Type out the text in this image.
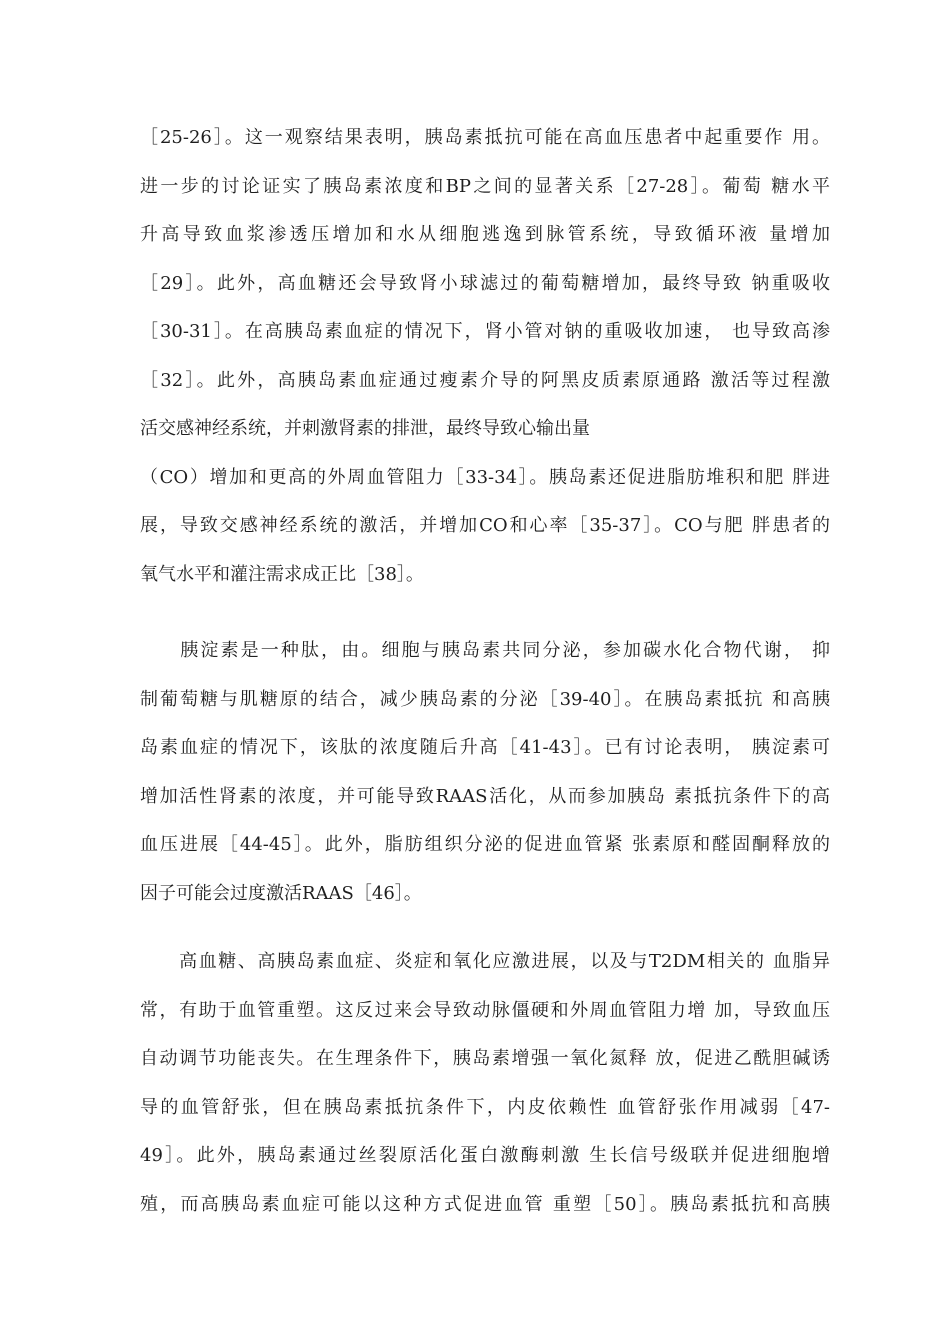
［25-26］。这一观察结果表明，胰岛素抵抗可能在高血压患者中起重要作 用。
进一步的讨论证实了胰岛素浓度和BP之间的显著关系［27-28］。葡萄 糖水平
升高导致血浆渗透压增加和水从细胞逃逸到脉管系统，导致循环液 量增加
［29］。此外，高血糖还会导致肾小球滤过的葡萄糖增加，最终导致 钠重吸收
［30-31］。在高胰岛素血症的情况下，肾小管对钠的重吸收加速， 也导致高渗
［32］。此外，高胰岛素血症通过瘦素介导的阿黑皮质素原通路 激活等过程激
活交感神经系统，并刺激肾素的排泄，最终导致心输出量
（CO）增加和更高的外周血管阻力［33-34］。胰岛素还促进脂肪堆积和肥 胖进
展，导致交感神经系统的激活，并增加CO和心率［35-37］。CO与肥 胖患者的
氧气水平和灌注需求成正比［38］。
　　胰淀素是一种肽，由。细胞与胰岛素共同分泌，参加碳水化合物代谢， 抑
制葡萄糖与肌糖原的结合，减少胰岛素的分泌［39-40］。在胰岛素抵抗 和高胰
岛素血症的情况下，该肽的浓度随后升高［41-43］。已有讨论表明， 胰淀素可
增加活性肾素的浓度，并可能导致RAAS活化，从而参加胰岛 素抵抗条件下的高
血压进展［44-45］。此外，脂肪组织分泌的促进血管紧 张素原和醛固酮释放的
因子可能会过度激活RAAS［46］。
　　高血糖、高胰岛素血症、炎症和氧化应激进展，以及与T2DM相关的 血脂异
常，有助于血管重塑。这反过来会导致动脉僵硬和外周血管阻力增 加，导致血压
自动调节功能丧失。在生理条件下，胰岛素增强一氧化氮释 放，促进乙酰胆碱诱
导的血管舒张，但在胰岛素抵抗条件下，内皮依赖性 血管舒张作用减弱［47-
49］。此外，胰岛素通过丝裂原活化蛋白激酶刺激 生长信号级联并促进细胞增
殖，而高胰岛素血症可能以这种方式促进血管 重塑［50］。胰岛素抵抗和高胰
